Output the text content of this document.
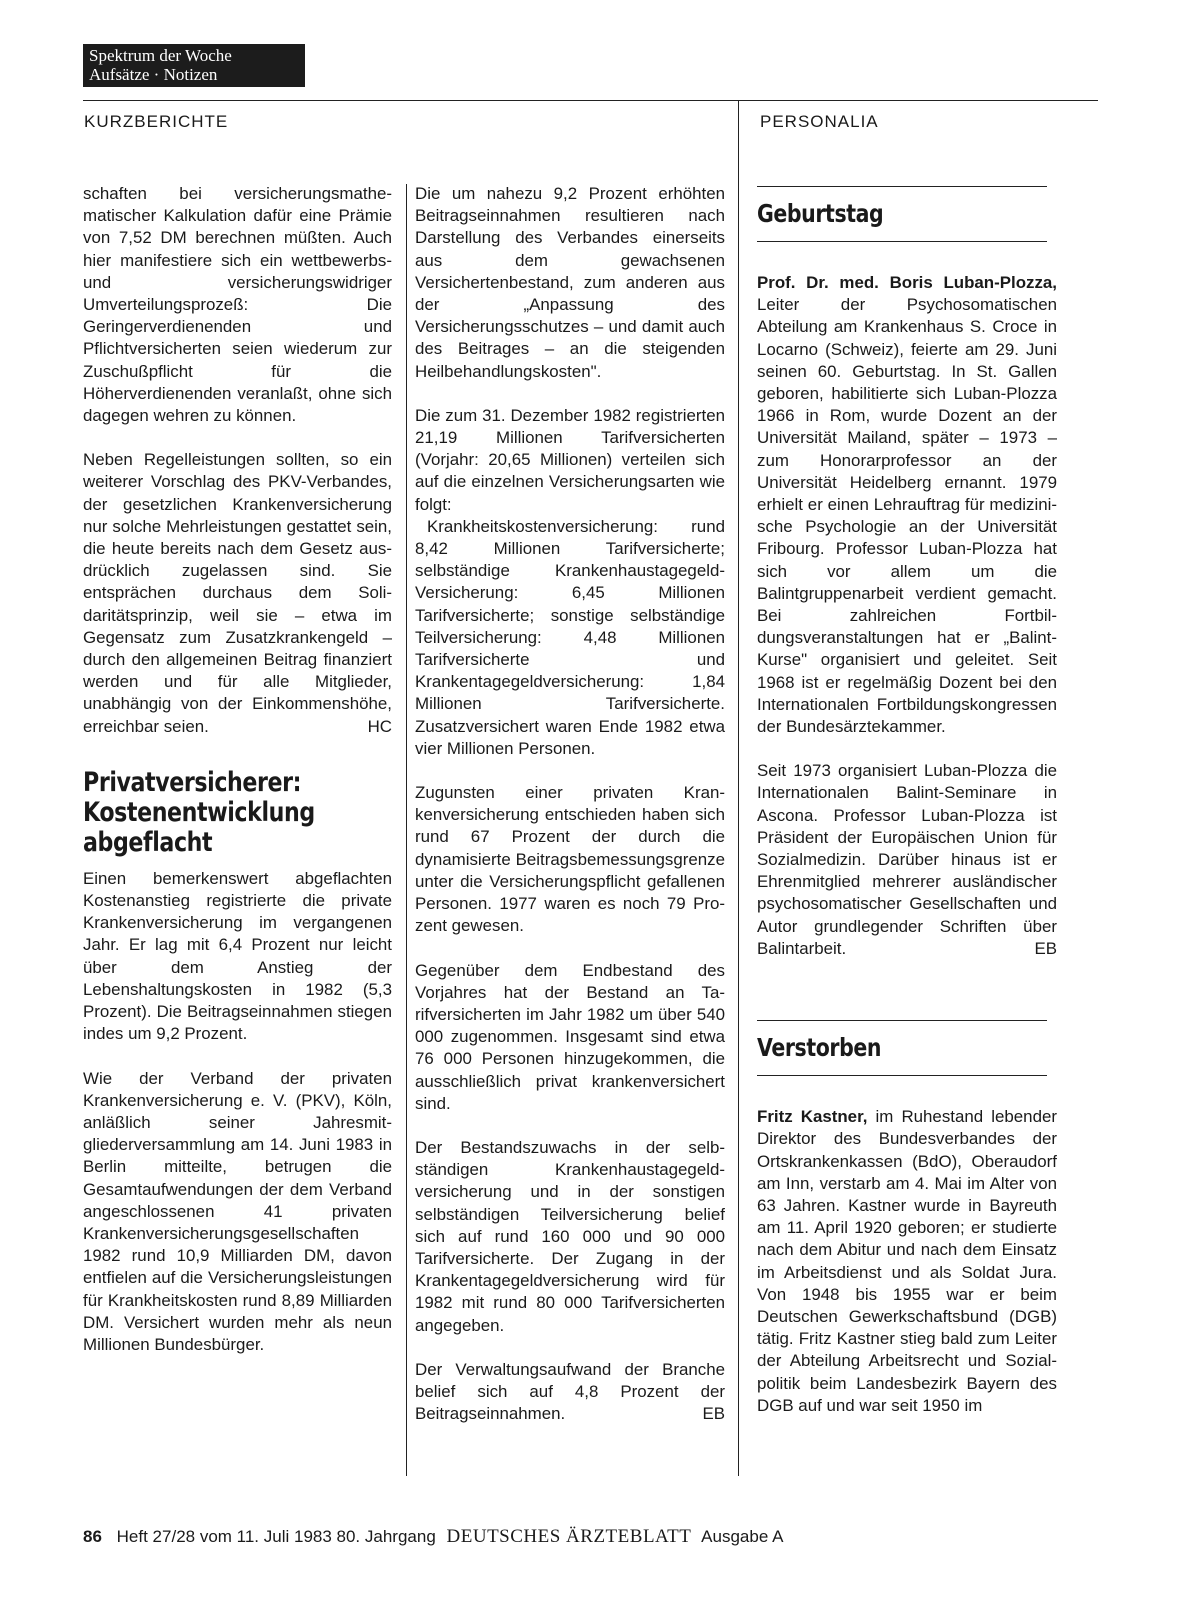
Spektrum der Woche
Aufsätze · Notizen
KURZBERICHTE	PERSONALIA

schaften bei versicherungsmathematischer Kalkulation dafür eine Prämie von 7,52 DM berechnen müßten. Auch hier manifestiere sich ein wettbewerbs- und versicherungswidriger Umverteilungsprozeß: Die Geringerverdienenden und Pflichtversicherten seien wiederum zur Zuschußpflicht für die Höherverdienenden veranlaßt, ohne sich dagegen wehren zu können.

Neben Regelleistungen sollten, so ein weiterer Vorschlag des PKV-Verbandes, der gesetzlichen Krankenversicherung nur solche Mehrleistungen gestattet sein, die heute bereits nach dem Gesetz ausdrücklich zugelassen sind. Sie entsprächen durchaus dem Solidaritätsprinzip, weil sie – etwa im Gegensatz zum Zusatzkrankengeld – durch den allgemeinen Beitrag finanziert werden und für alle Mitglieder, unabhängig von der Einkommenshöhe, erreichbar seien.	HC

Privatversicherer: Kostenentwicklung abgeflacht

Einen bemerkenswert abgeflachten Kostenanstieg registrierte die private Krankenversicherung im vergangenen Jahr. Er lag mit 6,4 Prozent nur leicht über dem Anstieg der Lebenshaltungskosten in 1982 (5,3 Prozent). Die Beitragseinnahmen stiegen indes um 9,2 Prozent.

Wie der Verband der privaten Krankenversicherung e. V. (PKV), Köln, anläßlich seiner Jahresmitgliederversammlung am 14. Juni 1983 in Berlin mitteilte, betrugen die Gesamtaufwendungen der dem Verband angeschlossenen 41 privaten Krankenversicherungsgesellschaften 1982 rund 10,9 Milliarden DM, davon entfielen auf die Versicherungsleistungen für Krankheitskosten rund 8,89 Milliarden DM. Versichert wurden mehr als neun Millionen Bundesbürger.

Die um nahezu 9,2 Prozent erhöhten Beitragseinnahmen resultieren nach Darstellung des Verbandes einerseits aus dem gewachsenen Versichertenbestand, zum anderen aus der „Anpassung des Versicherungsschutzes – und damit auch des Beitrages – an die steigenden Heilbehandlungskosten".

Die zum 31. Dezember 1982 registrierten 21,19 Millionen Tarifversicherten (Vorjahr: 20,65 Millionen) verteilen sich auf die einzelnen Versicherungsarten wie folgt:

Krankheitskostenversicherung: rund 8,42 Millionen Tarifversicherte; selbständige Krankenhaustagegeld-Versicherung: 6,45 Millionen Tarifversicherte; sonstige selbständige Teilversicherung: 4,48 Millionen Tarifversicherte und Krankentagegeldversicherung: 1,84 Millionen Tarifversicherte. Zusatzversichert waren Ende 1982 etwa vier Millionen Personen.

Zugunsten einer privaten Krankenversicherung entschieden haben sich rund 67 Prozent der durch die dynamisierte Beitragsbemessungsgrenze unter die Versicherungspflicht gefallenen Personen. 1977 waren es noch 79 Prozent gewesen.

Gegenüber dem Endbestand des Vorjahres hat der Bestand an Tarifversicherten im Jahr 1982 um über 540 000 zugenommen. Insgesamt sind etwa 76 000 Personen hinzugekommen, die ausschließlich privat krankenversichert sind.

Der Bestandszuwachs in der selbständigen Krankenhaustagegeldversicherung und in der sonstigen selbständigen Teilversicherung belief sich auf rund 160 000 und 90 000 Tarifversicherte. Der Zugang in der Krankentagegeldversicherung wird für 1982 mit rund 80 000 Tarifversicherten angegeben.

Der Verwaltungsaufwand der Branche belief sich auf 4,8 Prozent der Beitragseinnahmen.	EB

Geburtstag

Prof. Dr. med. Boris Luban-Plozza, Leiter der Psychosomatischen Abteilung am Krankenhaus S. Croce in Locarno (Schweiz), feierte am 29. Juni seinen 60. Geburtstag. In St. Gallen geboren, habilitierte sich Luban-Plozza 1966 in Rom, wurde Dozent an der Universität Mailand, später – 1973 – zum Honorarprofessor an der Universität Heidelberg ernannt. 1979 erhielt er einen Lehrauftrag für medizinische Psychologie an der Universität Fribourg. Professor Luban-Plozza hat sich vor allem um die Balintgruppenarbeit verdient gemacht. Bei zahlreichen Fortbildungsveranstaltungen hat er „Balint-Kurse" organisiert und geleitet. Seit 1968 ist er regelmäßig Dozent bei den Internationalen Fortbildungskongressen der Bundesärztekammer.

Seit 1973 organisiert Luban-Plozza die Internationalen Balint-Seminare in Ascona. Professor Luban-Plozza ist Präsident der Europäischen Union für Sozialmedizin. Darüber hinaus ist er Ehrenmitglied mehrerer ausländischer psychosomatischer Gesellschaften und Autor grundlegender Schriften über Balintarbeit.	EB

Verstorben

Fritz Kastner, im Ruhestand lebender Direktor des Bundesverbandes der Ortskrankenkassen (BdO), Oberaudorf am Inn, verstarb am 4. Mai im Alter von 63 Jahren. Kastner wurde in Bayreuth am 11. April 1920 geboren; er studierte nach dem Abitur und nach dem Einsatz im Arbeitsdienst und als Soldat Jura. Von 1948 bis 1955 war er beim Deutschen Gewerkschaftsbund (DGB) tätig. Fritz Kastner stieg bald zum Leiter der Abteilung Arbeitsrecht und Sozialpolitik beim Landesbezirk Bayern des DGB auf und war seit 1950 im

86 Heft 27/28 vom 11. Juli 1983 80. Jahrgang DEUTSCHES ÄRZTEBLATT Ausgabe A
